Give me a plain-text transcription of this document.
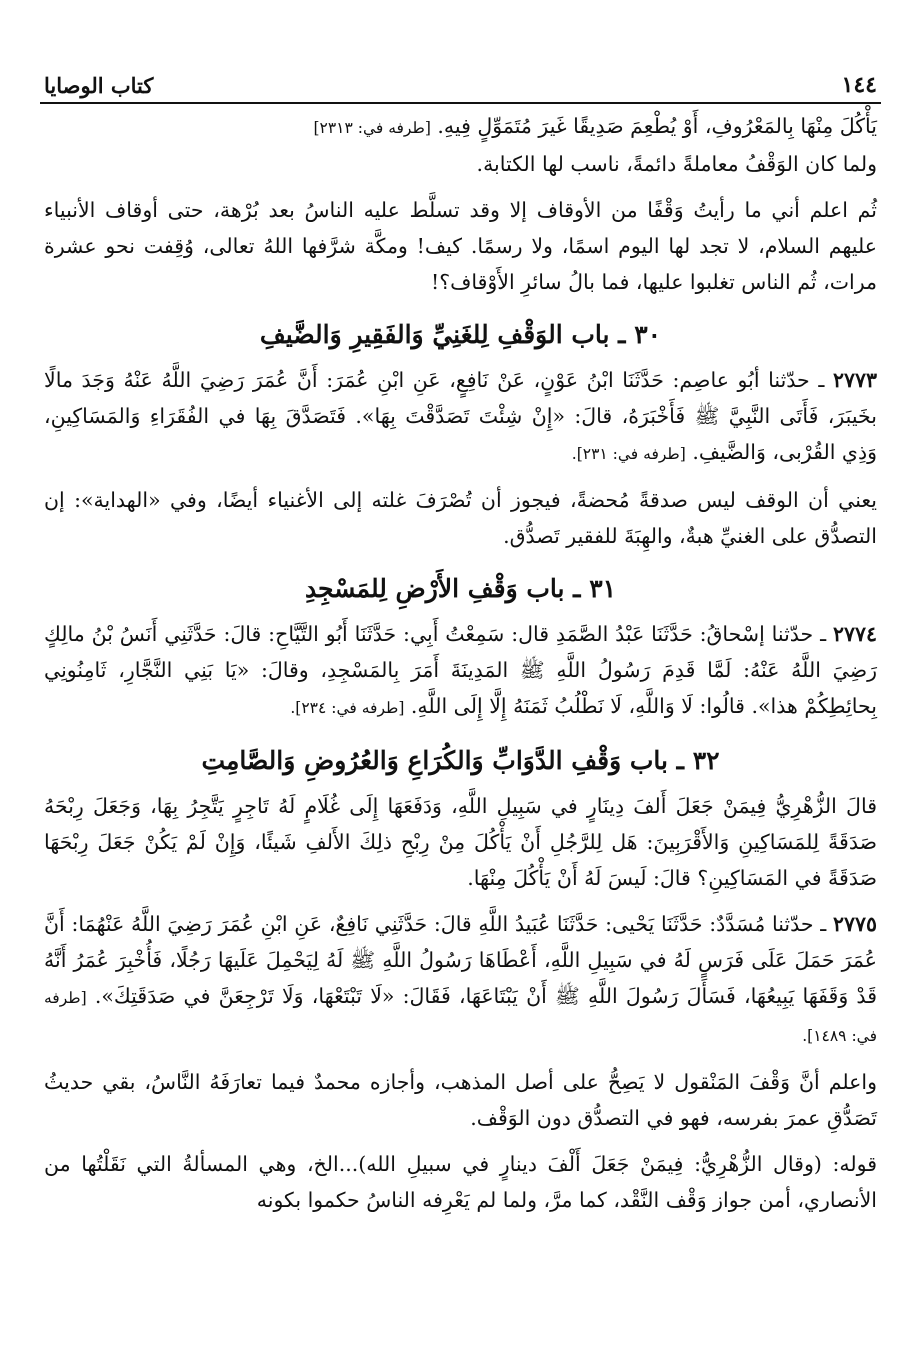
١٤٤
كتاب الوصايا

يَأْكُلَ مِنْهَا بِالمَعْرُوفِ، أَوْ يُطْعِمَ صَدِيقًا غَيرَ مُتَمَوِّلٍ فِيهِ. [طرفه في: ٢٣١٣]

ولما كان الوَقْفُ معاملةً دائمةً، ناسب لها الكتابة.

ثُم اعلم أني ما رأيتُ وَقْفًا من الأوقاف إلا وقد تسلَّط عليه الناسُ بعد بُرْهة، حتى أوقاف الأنبياء عليهم السلام، لا تجد لها اليوم اسمًا، ولا رسمًا. كيف! ومكَّة شرَّفها اللهُ تعالى، وُقِفت نحو عشرة مرات، ثُم الناس تغلبوا عليها، فما بالُ سائرِ الأَوْقاف؟!

٣٠ ـ باب الوَقْفِ لِلغَنِيِّ وَالفَقِيرِ وَالضَّيفِ

٢٧٧٣ ـ حدّثنا أبُو عاصِم: حَدَّثَنَا ابْنُ عَوْنٍ، عَنْ نَافِعٍ، عَنِ ابْنِ عُمَرَ: أَنَّ عُمَرَ رَضِيَ اللَّهُ عَنْهُ وَجَدَ مالًا بخَيبَرَ، فَأَتَى النَّبِيَّ ﷺ فَأَخْبَرَهُ، قالَ: «إِنْ شِئْتَ تَصَدَّقْتَ بِهَا». فَتَصَدَّقَ بِهَا في الفُقَرَاءِ وَالمَسَاكِينِ، وَذِي القُرْبى، وَالضَّيفِ. [طرفه في: ٢٣١].

يعني أن الوقف ليس صدقةً مُحضةً، فيجوز أن تُصْرَفَ غلته إلى الأغنياء أيضًا، وفي «الهداية»: إن التصدُّق على الغنيِّ هبةٌ، والهِبَةَ للفقير تَصدُّق.

٣١ ـ باب وَقْفِ الأَرْضِ لِلمَسْجِدِ

٢٧٧٤ ـ حدّثنا إسْحاقُ: حَدَّثَنَا عَبْدُ الصَّمَدِ قال: سَمِعْتُ أَبِي: حَدَّثَنَا أَبُو التَّيَّاحِ: قالَ: حَدَّثَنِي أَنَسُ بْنُ مالِكٍ رَضِيَ اللَّهُ عَنْهُ: لَمَّا قَدِمَ رَسُولُ اللَّهِ ﷺ المَدِينَةَ أَمَرَ بِالمَسْجِدِ، وقالَ: «يَا بَنِي النَّجَّارِ، ثَامِنُونِي بِحائِطِكُمْ هذا». قالُوا: لَا وَاللَّهِ، لَا نَطْلُبُ ثَمَنَهُ إِلَّا إِلَى اللَّهِ. [طرفه في: ٢٣٤].

٣٢ ـ باب وَقْفِ الدَّوَابِّ وَالكُرَاعِ وَالعُرُوضِ وَالصَّامِتِ

قالَ الزُّهْرِيُّ فِيمَنْ جَعَلَ أَلفَ دِينَارٍ في سَبِيلِ اللَّهِ، وَدَفَعَهَا إِلَى غُلَامٍ لَهُ تَاجِرٍ يَتَّجِرُ بِهَا، وَجَعَلَ رِبْحَهُ صَدَقَةً لِلمَسَاكِينِ وَالأَقْرَبِينَ: هَل لِلرَّجُلِ أَنْ يَأْكُلَ مِنْ رِبْحِ ذلِكَ الأَلفِ شَيئًا، وَإِنْ لَمْ يَكُنْ جَعَلَ رِبْحَهَا صَدَقَةً في المَسَاكِينِ؟ قالَ: لَيسَ لَهُ أَنْ يَأْكُلَ مِنْهَا.

٢٧٧٥ ـ حدّثنا مُسَدَّدٌ: حَدَّثَنَا يَحْيى: حَدَّثَنَا عُبَيدُ اللَّهِ قالَ: حَدَّثَنِي نَافِعٌ، عَنِ ابْنِ عُمَرَ رَضِيَ اللَّهُ عَنْهُمَا: أَنَّ عُمَرَ حَمَلَ عَلَى فَرَسٍ لَهُ في سَبِيلِ اللَّهِ، أَعْطَاهَا رَسُولُ اللَّهِ ﷺ لَهُ لِيَحْمِلَ عَلَيهَا رَجُلًا، فَأُخْبِرَ عُمَرُ أَنَّهُ قَدْ وَقَفَهَا يَبِيعُهَا، فَسَأَلَ رَسُولَ اللَّهِ ﷺ أَنْ يَبْتَاعَهَا، فَقَالَ: «لَا تَبْتَعْهَا، وَلَا تَرْجِعَنَّ في صَدَقَتِكَ». [طرفه في: ١٤٨٩].

واعلم أنَّ وَقْفَ المَنْقول لا يَصِحُّ على أصل المذهب، وأجازه محمدٌ فيما تعارَفَهُ النَّاسُ، بقي حديثُ تَصَدُّقِ عمرَ بفرسه، فهو في التصدُّق دون الوَقْف.

قوله: (وقال الزُّهْرِيُّ: فِيمَنْ جَعَلَ أَلْفَ دينارٍ في سبيلِ الله)...الخ، وهي المسألةُ التي نَقَلْتُها من الأنصاري، أمن جواز وَقْف النَّقْد، كما مرَّ، ولما لم يَعْرِفه الناسُ حكموا بكونه
